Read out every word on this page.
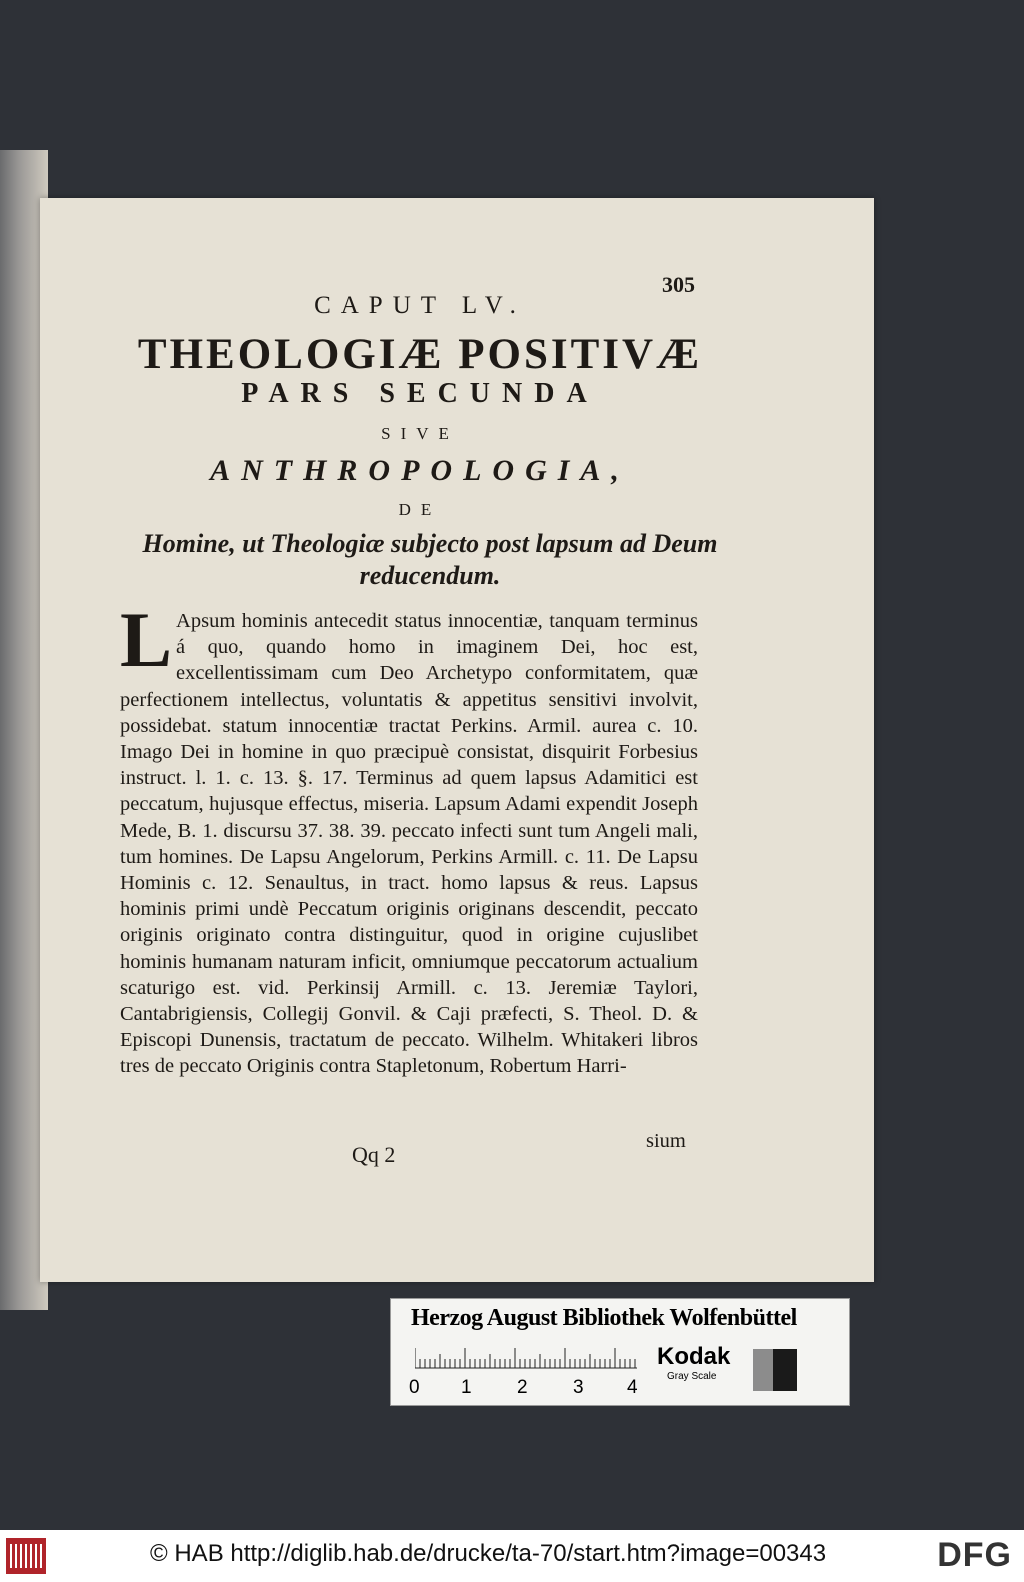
305
CAPUT LV.
THEOLOGIÆ POSITIVÆ
PARS SECUNDA
SIVE
ANTHROPOLOGIA,
DE
Homine, ut Theologiæ subjecto post lapsum ad Deum reducendum.
L Apsum hominis antecedit status innocentiæ, tanquam terminus á quo, quando homo in imaginem Dei, hoc est, excellentissimam cum Deo Archetypo conformitatem, quæ perfectionem intellectus, voluntatis & appetitus sensitivi involvit, possidebat. statum innocentiæ tractat Perkins. Armil. aurea c. 10. Imago Dei in homine in quo præcipuè consistat, disquirit Forbesius instruct. l. 1. c. 13. §. 17. Terminus ad quem lapsus Adamitici est peccatum, hujusque effectus, miseria. Lapsum Adami expendit Joseph Mede, B. 1. discursu 37. 38. 39. peccato infecti sunt tum Angeli mali, tum homines. De Lapsu Angelorum, Perkins Armill. c. 11. De Lapsu Hominis c. 12. Senaultus, in tract. homo lapsus & reus. Lapsus hominis primi undè Peccatum originis originans descendit, peccato originis originato contra distinguitur, quod in origine cujuslibet hominis humanam naturam inficit, omniumque peccatorum actualium scaturigo est. vid. Perkinsij Armill. c. 13. Jeremiæ Taylori, Cantabrigiensis, Collegij Gonvil. & Caji præfecti, S. Theol. D. & Episcopi Dunensis, tractatum de peccato. Wilhelm. Whitakeri libros tres de peccato Originis contra Stapletonum, Robertum Harri-
Qq 2
sium
Herzog August Bibliothek Wolfenbüttel
0 1 2 3 4
Kodak
Gray Scale
© HAB http://diglib.hab.de/drucke/ta-70/start.htm?image=00343	DFG
